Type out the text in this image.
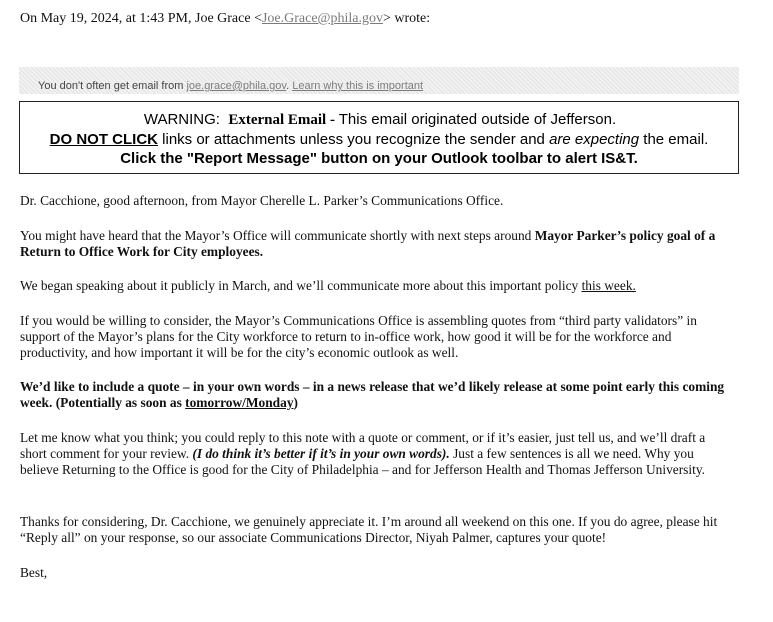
On May 19, 2024, at 1:43 PM, Joe Grace <Joe.Grace@phila.gov> wrote:
You don't often get email from joe.grace@phila.gov. Learn why this is important
WARNING: External Email - This email originated outside of Jefferson.
DO NOT CLICK links or attachments unless you recognize the sender and are expecting the email.
Click the "Report Message" button on your Outlook toolbar to alert IS&T.
Dr. Cacchione, good afternoon, from Mayor Cherelle L. Parker’s Communications Office.
You might have heard that the Mayor’s Office will communicate shortly with next steps around Mayor Parker’s policy goal of a Return to Office Work for City employees.
We began speaking about it publicly in March, and we’ll communicate more about this important policy this week.
If you would be willing to consider, the Mayor’s Communications Office is assembling quotes from “third party validators” in support of the Mayor’s plans for the City workforce to return to in-office work, how good it will be for the workforce and productivity, and how important it will be for the city’s economic outlook as well.
We’d like to include a quote – in your own words – in a news release that we’d likely release at some point early this coming week. (Potentially as soon as tomorrow/Monday)
Let me know what you think; you could reply to this note with a quote or comment, or if it’s easier, just tell us, and we’ll draft a short comment for your review. (I do think it’s better if it’s in your own words). Just a few sentences is all we need. Why you believe Returning to the Office is good for the City of Philadelphia – and for Jefferson Health and Thomas Jefferson University.
Thanks for considering, Dr. Cacchione, we genuinely appreciate it. I’m around all weekend on this one. If you do agree, please hit “Reply all” on your response, so our associate Communications Director, Niyah Palmer, captures your quote!
Best,
